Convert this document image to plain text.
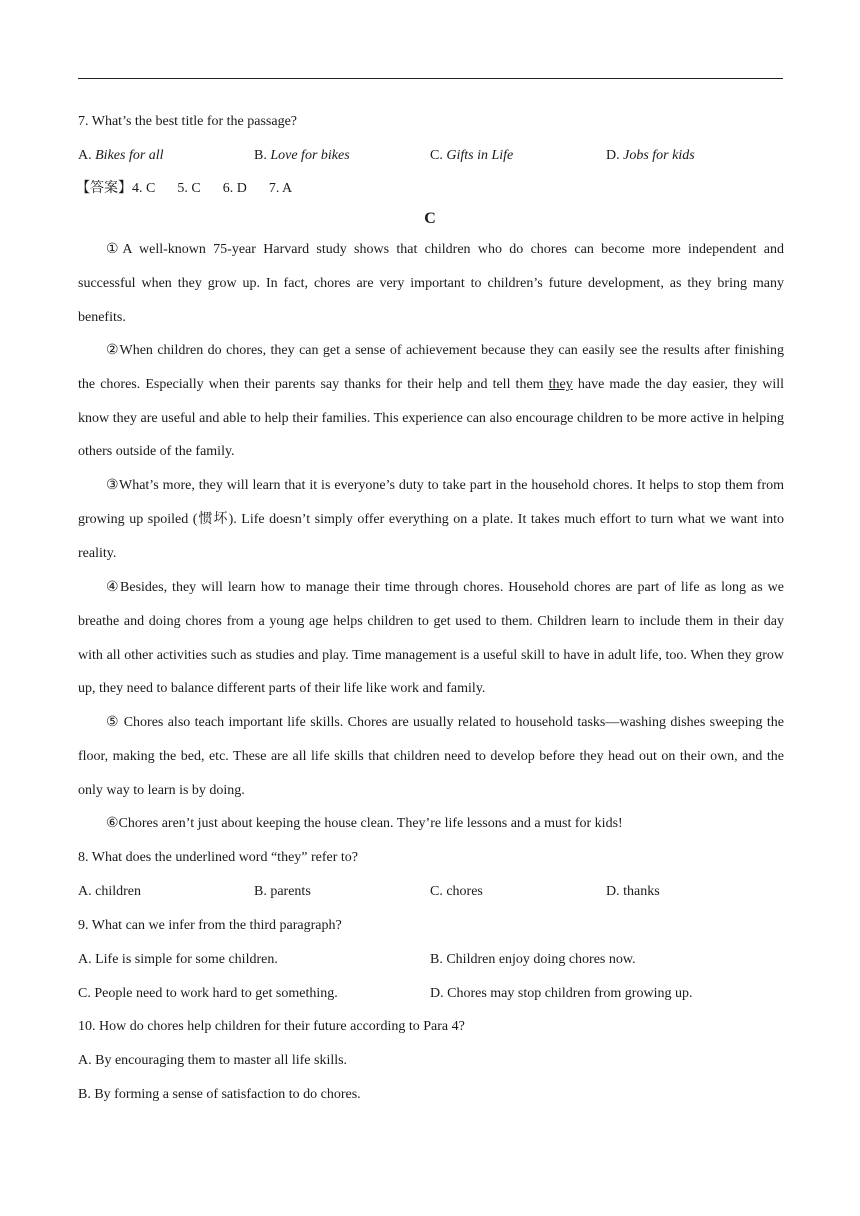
7. What’s the best title for the passage?
A. Bikes for all	B. Love for bikes	C. Gifts in Life	D. Jobs for kids
【答案】4. C 5. C 6. D 7. A
C
①A well-known 75-year Harvard study shows that children who do chores can become more independent and successful when they grow up. In fact, chores are very important to children’s future development, as they bring many benefits.
②When children do chores, they can get a sense of achievement because they can easily see the results after finishing the chores. Especially when their parents say thanks for their help and tell them they have made the day easier, they will know they are useful and able to help their families. This experience can also encourage children to be more active in helping others outside of the family.
③What’s more, they will learn that it is everyone’s duty to take part in the household chores. It helps to stop them from growing up spoiled (惯坏). Life doesn’t simply offer everything on a plate. It takes much effort to turn what we want into reality.
④Besides, they will learn how to manage their time through chores. Household chores are part of life as long as we breathe and doing chores from a young age helps children to get used to them. Children learn to include them in their day with all other activities such as studies and play. Time management is a useful skill to have in adult life, too. When they grow up, they need to balance different parts of their life like work and family.
⑤ Chores also teach important life skills. Chores are usually related to household tasks—washing dishes sweeping the floor, making the bed, etc. These are all life skills that children need to develop before they head out on their own, and the only way to learn is by doing.
⑥Chores aren’t just about keeping the house clean. They’re life lessons and a must for kids!
8. What does the underlined word “they” refer to?
A. children	B. parents	C. chores	D. thanks
9. What can we infer from the third paragraph?
A. Life is simple for some children.	B. Children enjoy doing chores now.
C. People need to work hard to get something.	D. Chores may stop children from growing up.
10. How do chores help children for their future according to Para 4?
A. By encouraging them to master all life skills.
B. By forming a sense of satisfaction to do chores.
